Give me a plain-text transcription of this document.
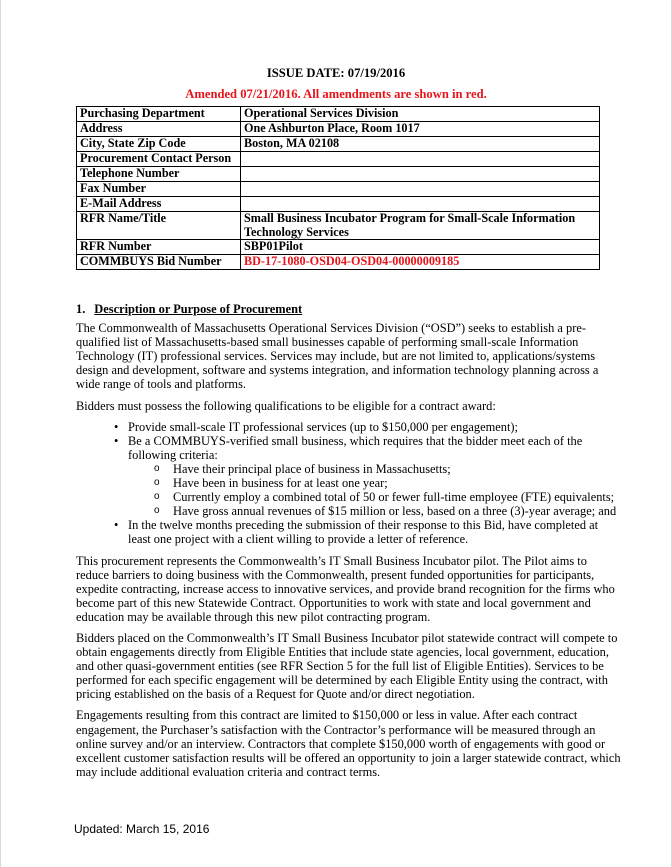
ISSUE DATE: 07/19/2016
Amended 07/21/2016. All amendments are shown in red.
Purchasing Department	Operational Services Division

Address	One Ashburton Place, Room 1017

City, State Zip Code	Boston, MA 02108

Procurement Contact Person	
Telephone Number	
Fax Number	
E-Mail Address	
RFR Name/Title	Small Business Incubator Program for Small-Scale Information
Technology Services

RFR Number	SBP01Pilot

COMMBUYS Bid Number	BD-17-1080-OSD04-OSD04-00000009185
1. Description or Purpose of Procurement
The Commonwealth of Massachusetts Operational Services Division (“OSD”) seeks to establish a pre-
qualified list of Massachusetts-based small businesses capable of performing small-scale Information
Technology (IT) professional services. Services may include, but are not limited to, applications/systems
design and development, software and systems integration, and information technology planning across a
wide range of tools and platforms.
Bidders must possess the following qualifications to be eligible for a contract award:
• Provide small-scale IT professional services (up to $150,000 per engagement);
• Be a COMMBUYS-verified small business, which requires that the bidder meet each of the
following criteria:
o Have their principal place of business in Massachusetts;
o Have been in business for at least one year;
o Currently employ a combined total of 50 or fewer full-time employee (FTE) equivalents;
o Have gross annual revenues of $15 million or less, based on a three (3)-year average; and
• In the twelve months preceding the submission of their response to this Bid, have completed at
least one project with a client willing to provide a letter of reference.
This procurement represents the Commonwealth’s IT Small Business Incubator pilot. The Pilot aims to
reduce barriers to doing business with the Commonwealth, present funded opportunities for participants,
expedite contracting, increase access to innovative services, and provide brand recognition for the firms who
become part of this new Statewide Contract. Opportunities to work with state and local government and
education may be available through this new pilot contracting program.
Bidders placed on the Commonwealth’s IT Small Business Incubator pilot statewide contract will compete to
obtain engagements directly from Eligible Entities that include state agencies, local government, education,
and other quasi-government entities (see RFR Section 5 for the full list of Eligible Entities). Services to be
performed for each specific engagement will be determined by each Eligible Entity using the contract, with
pricing established on the basis of a Request for Quote and/or direct negotiation.
Engagements resulting from this contract are limited to $150,000 or less in value. After each contract
engagement, the Purchaser’s satisfaction with the Contractor’s performance will be measured through an
online survey and/or an interview. Contractors that complete $150,000 worth of engagements with good or
excellent customer satisfaction results will be offered an opportunity to join a larger statewide contract, which
may include additional evaluation criteria and contract terms.
Updated: March 15, 2016
